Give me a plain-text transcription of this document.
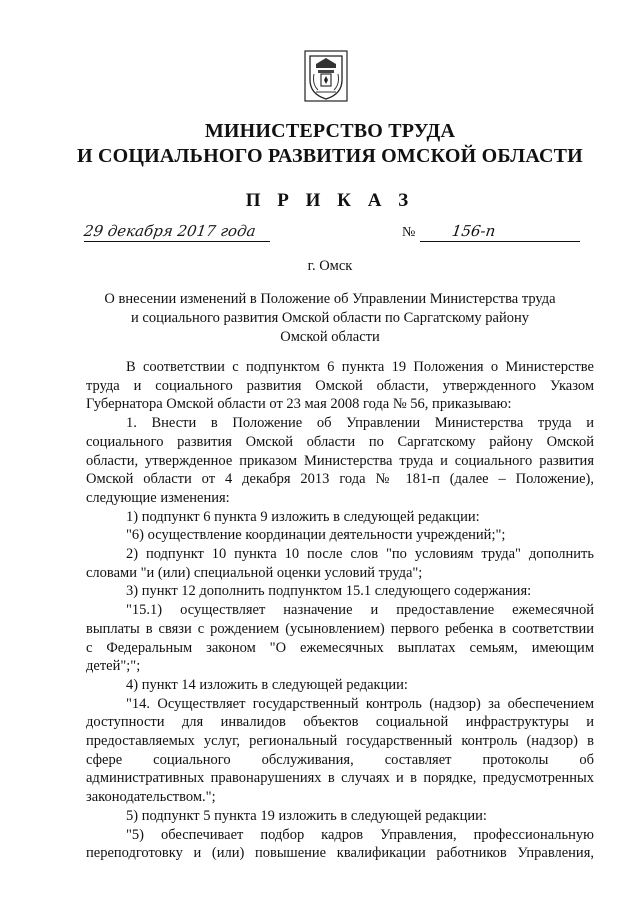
МИНИСТЕРСТВО ТРУДА
И СОЦИАЛЬНОГО РАЗВИТИЯ ОМСКОЙ ОБЛАСТИ
П Р И К А З
29 декабря 2017 года	№ 156-п
г. Омск
О внесении изменений в Положение об Управлении Министерства труда
и социального развития Омской области по Саргатскому району
Омской области
В соответствии с подпунктом 6 пункта 19 Положения о Министерстве
труда и социального развития Омской области, утвержденного Указом
Губернатора Омской области от 23 мая 2008 года № 56, приказываю:
1. Внести в Положение об Управлении Министерства труда и
социального развития Омской области по Саргатскому району Омской
области, утвержденное приказом Министерства труда и социального развития
Омской области от 4 декабря 2013 года № 181-п (далее – Положение),
следующие изменения:
1) подпункт 6 пункта 9 изложить в следующей редакции:
"6) осуществление координации деятельности учреждений;";
2) подпункт 10 пункта 10 после слов "по условиям труда" дополнить
словами "и (или) специальной оценки условий труда";
3) пункт 12 дополнить подпунктом 15.1 следующего содержания:
"15.1) осуществляет назначение и предоставление ежемесячной
выплаты в связи с рождением (усыновлением) первого ребенка в соответствии
с Федеральным законом "О ежемесячных выплатах семьям, имеющим
детей";";
4) пункт 14 изложить в следующей редакции:
"14. Осуществляет государственный контроль (надзор) за обеспечением
доступности для инвалидов объектов социальной инфраструктуры и
предоставляемых услуг, региональный государственный контроль (надзор) в
сфере социального обслуживания, составляет протоколы об
административных правонарушениях в случаях и в порядке, предусмотренных
законодательством.";
5) подпункт 5 пункта 19 изложить в следующей редакции:
"5) обеспечивает подбор кадров Управления, профессиональную
переподготовку и (или) повышение квалификации работников Управления,
